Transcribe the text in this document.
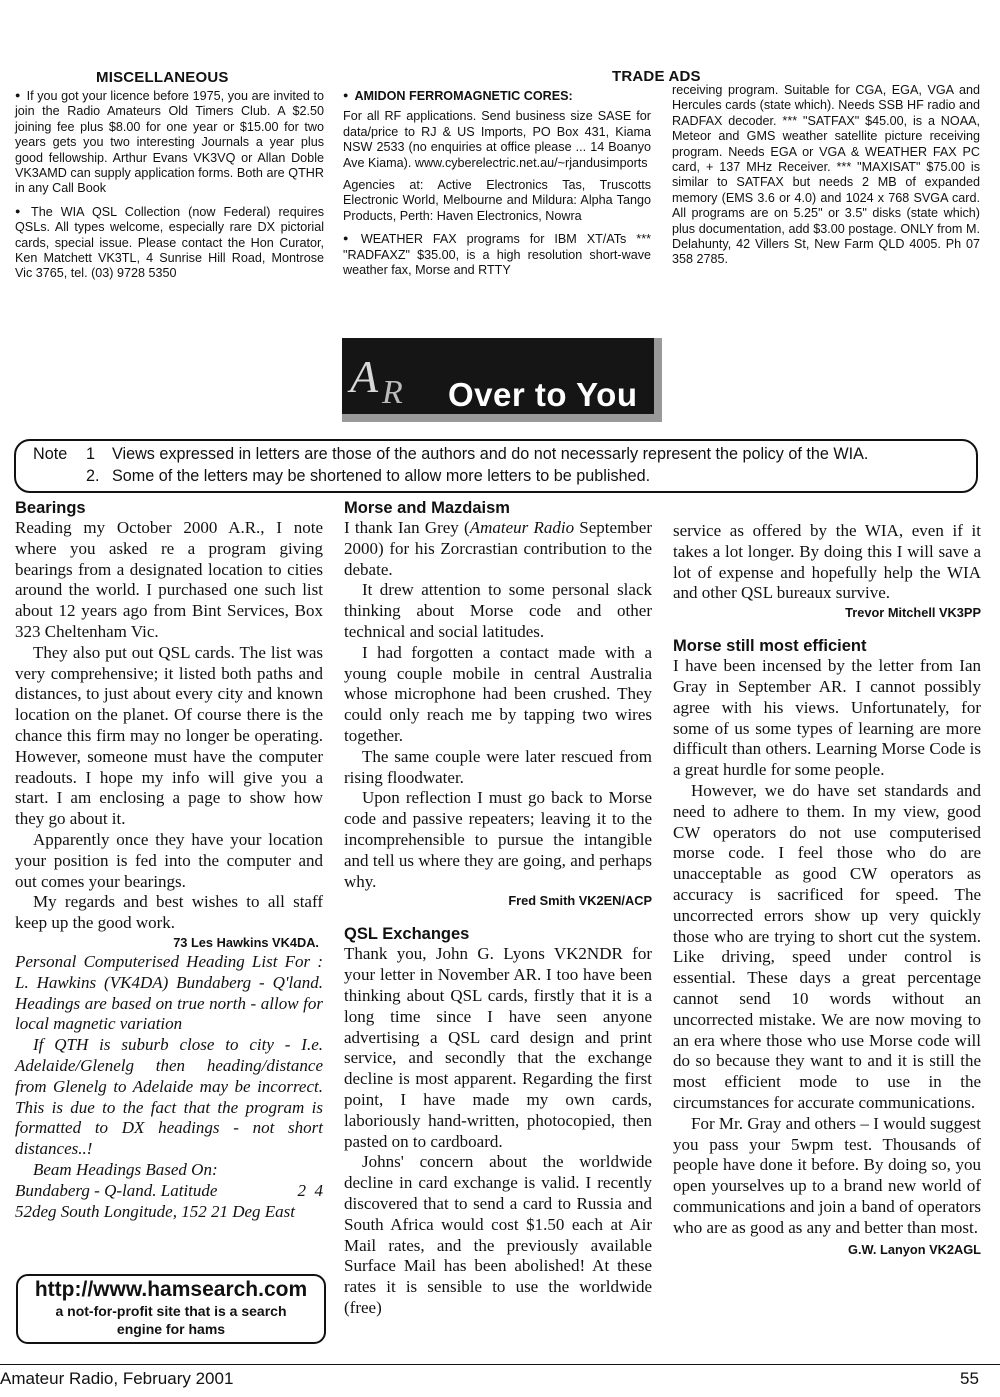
MISCELLANEOUS	TRADE ADS

● If you got your licence before 1975, you are invited to join the Radio Amateurs Old Timers Club. A $2.50 joining fee plus $8.00 for one year or $15.00 for two years gets you two interesting Journals a year plus good fellowship. Arthur Evans VK3VQ or Allan Doble VK3AMD can supply application forms. Both are QTHR in any Call Book

● The WIA QSL Collection (now Federal) requires QSLs. All types welcome, especially rare DX pictorial cards, special issue. Please contact the Hon Curator, Ken Matchett VK3TL, 4 Sunrise Hill Road, Montrose Vic 3765, tel. (03) 9728 5350

● AMIDON FERROMAGNETIC CORES:

For all RF applications. Send business size SASE for data/price to RJ & US Imports, PO Box 431, Kiama NSW 2533 (no enquiries at office please ... 14 Boanyo Ave Kiama). www.cyberelectric.net.au/~rjandusimports

Agencies at: Active Electronics Tas, Truscotts Electronic World, Melbourne and Mildura: Alpha Tango Products, Perth: Haven Electronics, Nowra

● WEATHER FAX programs for IBM XT/ATs *** "RADFAXZ" $35.00, is a high resolution short-wave weather fax, Morse and RTTY

receiving program. Suitable for CGA, EGA, VGA and Hercules cards (state which). Needs SSB HF radio and RADFAX decoder. *** "SATFAX" $45.00, is a NOAA, Meteor and GMS weather satellite picture receiving program. Needs EGA or VGA & WEATHER FAX PC card, + 137 MHz Receiver. *** "MAXISAT" $75.00 is similar to SATFAX but needs 2 MB of expanded memory (EMS 3.6 or 4.0) and 1024 x 768 SVGA card. All programs are on 5.25" or 3.5" disks (state which) plus documentation, add $3.00 postage. ONLY from M. Delahunty, 42 Villers St, New Farm QLD 4005. Ph 07 358 2785.

A R Over to You
Note 1 Views expressed in letters are those of the authors and do not necessarly represent the policy of the WIA.
2. Some of the letters may be shortened to allow more letters to be published.

Bearings

Reading my October 2000 A.R., I note where you asked re a program giving bearings from a designated location to cities around the world. I purchased one such list about 12 years ago from Bint Services, Box 323 Cheltenham Vic.

They also put out QSL cards. The list was very comprehensive; it listed both paths and distances, to just about every city and known location on the planet. Of course there is the chance this firm may no longer be operating. However, someone must have the computer readouts. I hope my info will give you a start. I am enclosing a page to show how they go about it.

Apparently once they have your location your position is fed into the computer and out comes your bearings.

My regards and best wishes to all staff keep up the good work.

73 Les Hawkins VK4DA.

Personal Computerised Heading List For : L. Hawkins (VK4DA) Bundaberg - Q'land. Headings are based on true north - allow for local magnetic variation

If QTH is suburb close to city - I.e. Adelaide/Glenelg then heading/distance from Glenelg to Adelaide may be incorrect. This is due to the fact that the program is formatted to DX headings - not short distances..!

Beam Headings Based On:

Bundaberg - Q-land. Latitude	2  4

52deg South Longitude, 152 21 Deg East

http://www.hamsearch.com
a not-for-profit site that is a search
engine for hams

Morse and Mazdaism

I thank Ian Grey (Amateur Radio September 2000) for his Zorcrastian contribution to the debate.

It drew attention to some personal slack thinking about Morse code and other technical and social latitudes.

I had forgotten a contact made with a young couple mobile in central Australia whose microphone had been crushed. They could only reach me by tapping two wires together.

The same couple were later rescued from rising floodwater.

Upon reflection I must go back to Morse code and passive repeaters; leaving it to the incomprehensible to pursue the intangible and tell us where they are going, and perhaps why.

Fred Smith VK2EN/ACP

QSL Exchanges

Thank you, John G. Lyons VK2NDR for your letter in November AR. I too have been thinking about QSL cards, firstly that it is a long time since I have seen anyone advertising a QSL card design and print service, and secondly that the exchange decline is most apparent. Regarding the first point, I have made my own cards, laboriously hand-written, photocopied, then pasted on to cardboard.

Johns' concern about the worldwide decline in card exchange is valid. I recently discovered that to send a card to Russia and South Africa would cost $1.50 each at Air Mail rates, and the previously available Surface Mail has been abolished! At these rates it is sensible to use the worldwide (free)

service as offered by the WIA, even if it takes a lot longer. By doing this I will save a lot of expense and hopefully help the WIA and other QSL bureaux survive.

Trevor Mitchell VK3PP

Morse still most efficient

I have been incensed by the letter from Ian Gray in September AR. I cannot possibly agree with his views. Unfortunately, for some of us some types of learning are more difficult than others. Learning Morse Code is a great hurdle for some people.

However, we do have set standards and need to adhere to them. In my view, good CW operators do not use computerised morse code. I feel those who do are unacceptable as good CW operators as accuracy is sacrificed for speed. The uncorrected errors show up very quickly those who are trying to short cut the system. Like driving, speed under control is essential. These days a great percentage cannot send 10 words without an uncorrected mistake. We are now moving to an era where those who use Morse code will do so because they want to and it is still the most efficient mode to use in the circumstances for accurate communications.

For Mr. Gray and others – I would suggest you pass your 5wpm test. Thousands of people have done it before. By doing so, you open yourselves up to a brand new world of communications and join a band of operators who are as good as any and better than most.

G.W. Lanyon VK2AGL

Amateur Radio, February 2001	55
